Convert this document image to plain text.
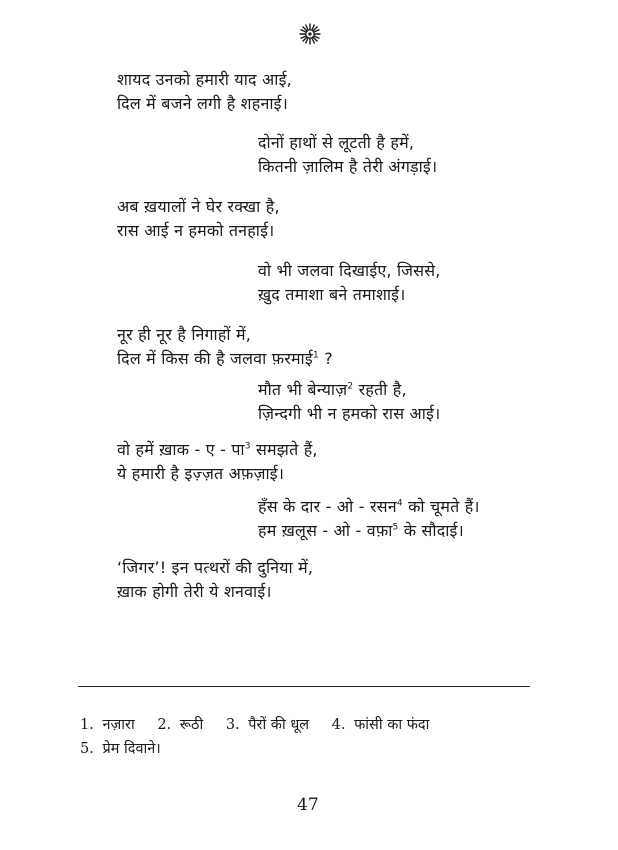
शायद उनको हमारी याद आई,
दिल में बजने लगी है शहनाई।
दोनों हाथों से लूटती है हमें,
कितनी ज़ालिम है तेरी अंगड़ाई।
अब ख़यालों ने घेर रक्खा है,
रास आई न हमको तनहाई।
वो भी जलवा दिखाईए, जिससे,
ख़ुद तमाशा बने तमाशाई।
नूर ही नूर है निगाहों में,
दिल में किस की है जलवा फ़रमाई$^1$ ?
मौत भी बेन्याज़$^2$ रहती है,
ज़िन्दगी भी न हमको रास आई।
वो हमें ख़ाक - ए - पा$^3$ समझते हैं,
ये हमारी है इज़्ज़त अफ़ज़ाई।
हँस के दार - ओ - रसन$^4$ को चूमते हैं।
हम ख़लूस - ओ - वफ़ा$^5$ के सौदाई।
‘जिगर’! इन पत्थरों की दुनिया में,
ख़ाक होगी तेरी ये शनवाई।
1. नज़ारा 2. रूठी 3. पैरों की धूल 4. फांसी का फंदा
5. प्रेम दिवाने।
47
